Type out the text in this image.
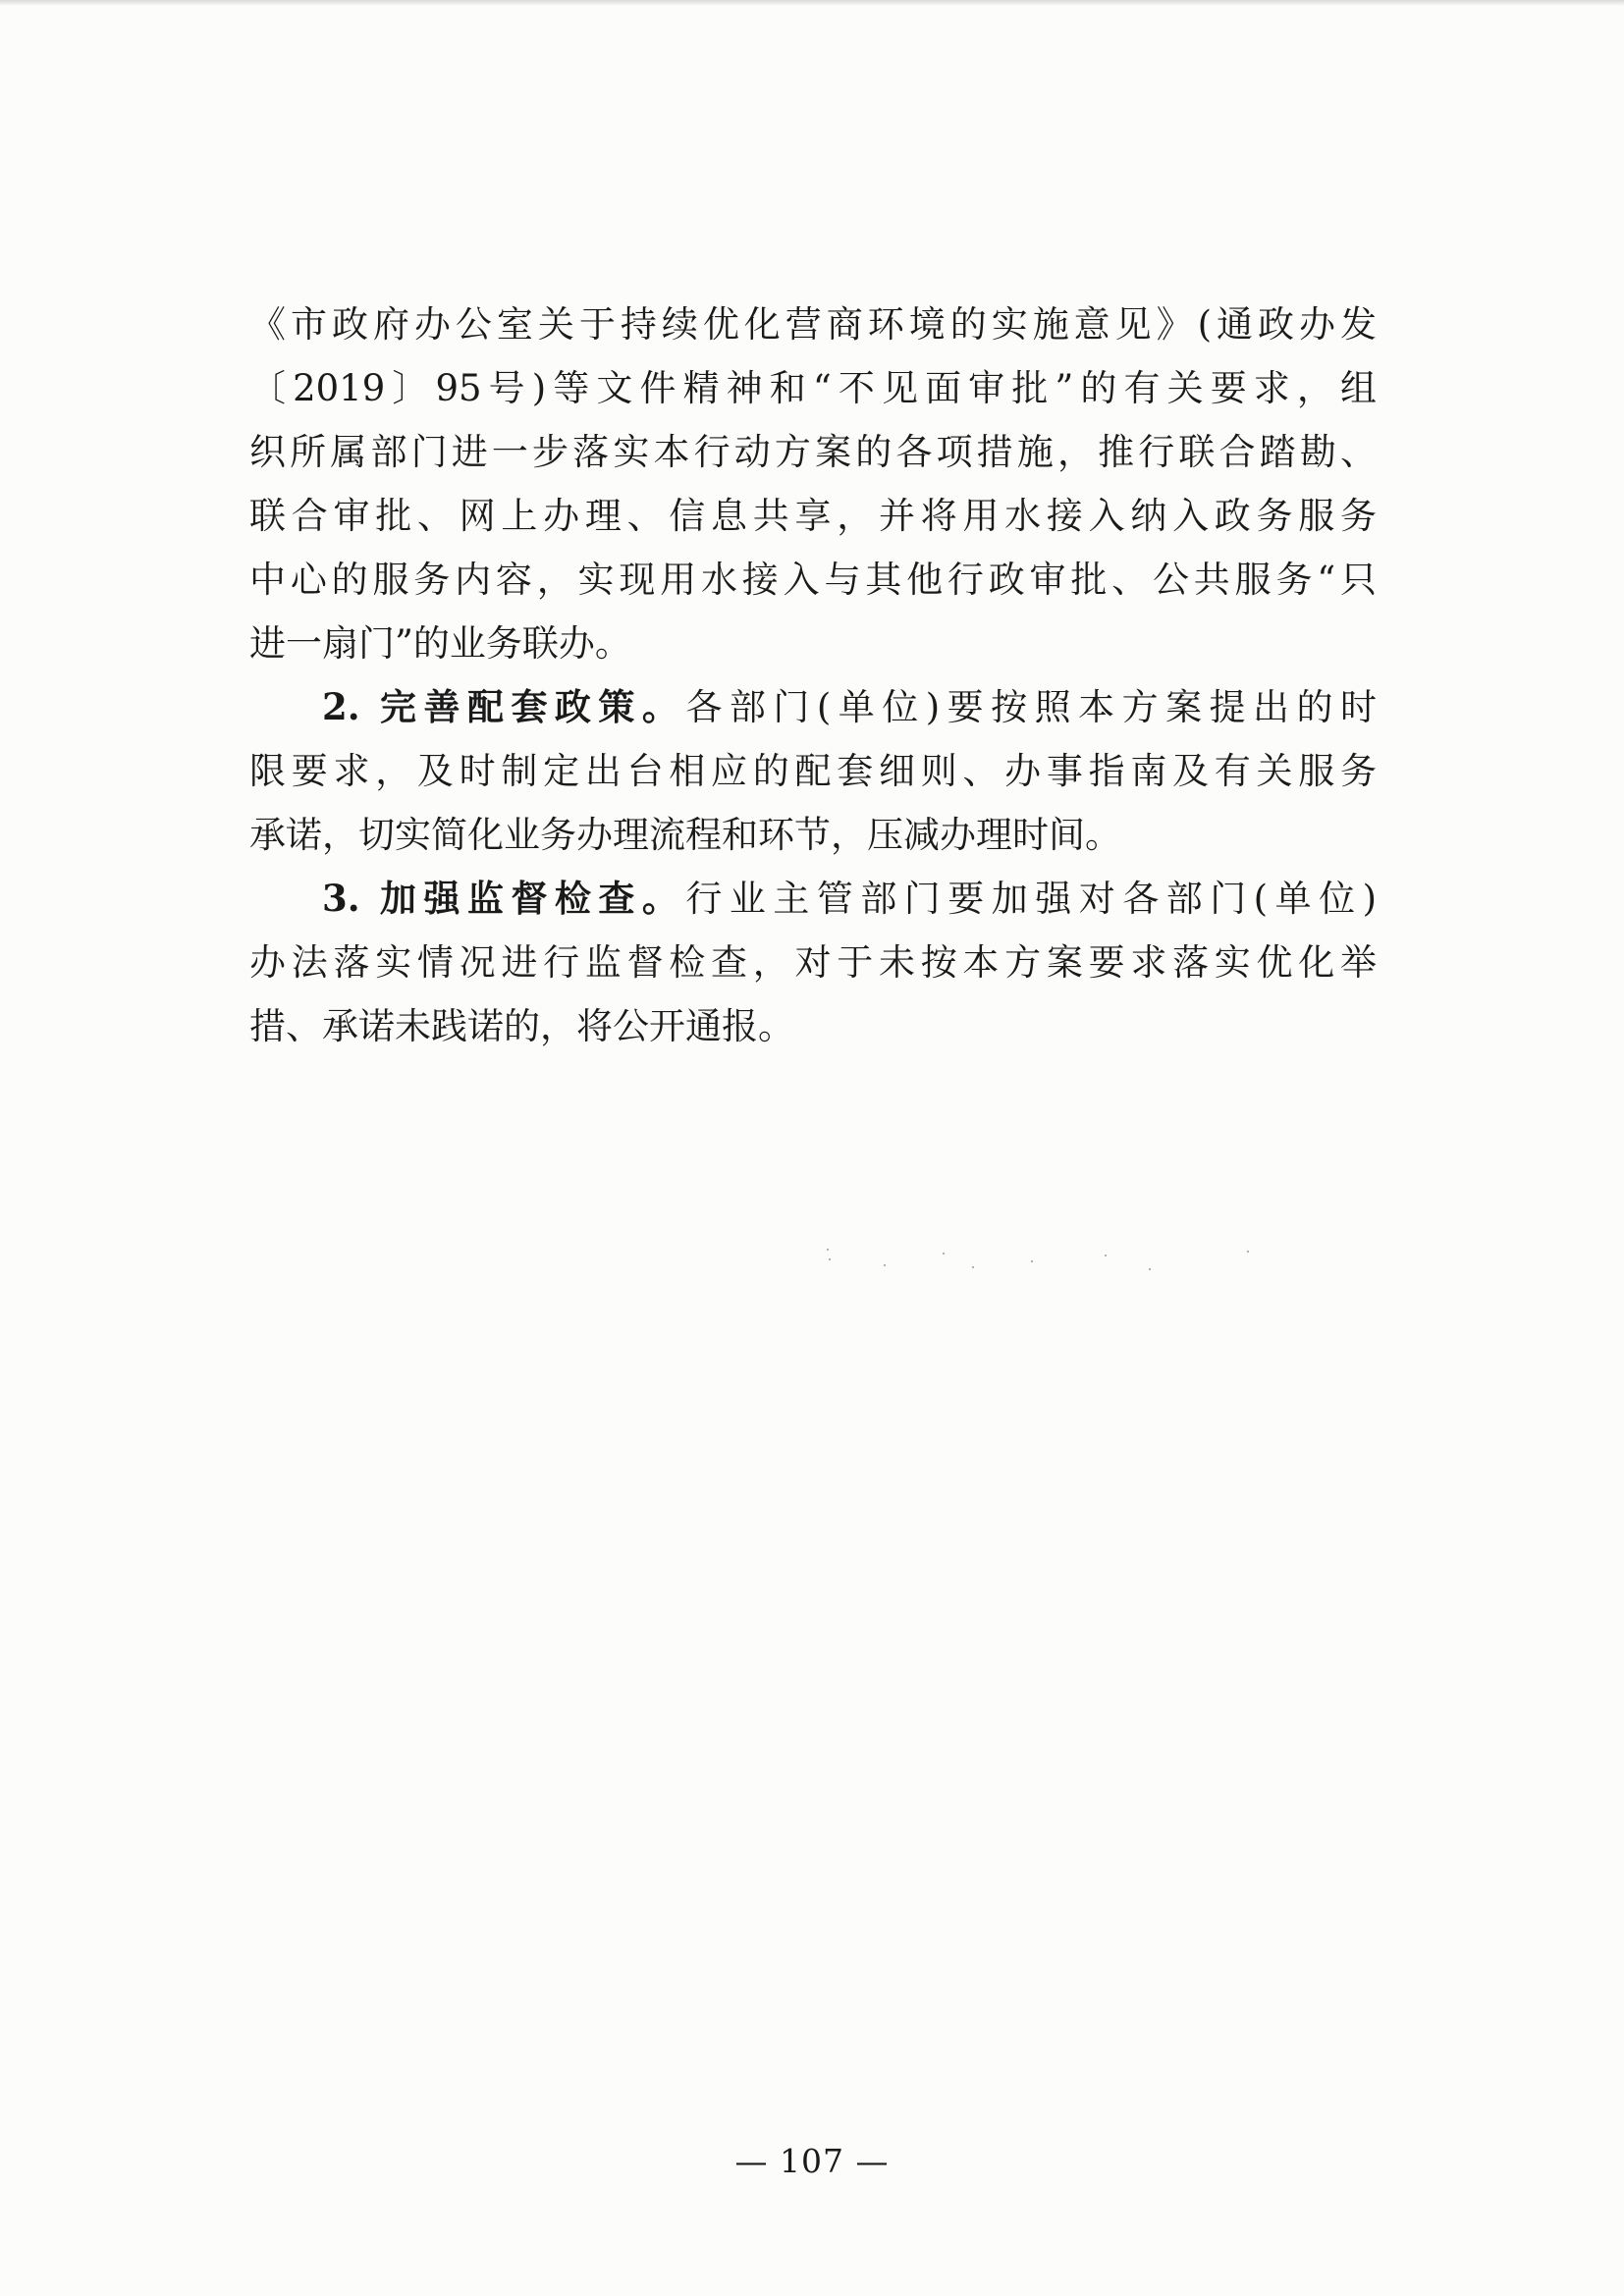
《市政府办公室关于持续优化营商环境的实施意见》(通政办发
〔2019〕95号)等文件精神和“不见面审批”的有关要求，组
织所属部门进一步落实本行动方案的各项措施，推行联合踏勘、
联合审批、网上办理、信息共享，并将用水接入纳入政务服务
中心的服务内容，实现用水接入与其他行政审批、公共服务“只
进一扇门”的业务联办。
2. 完善配套政策。各部门(单位)要按照本方案提出的时
限要求，及时制定出台相应的配套细则、办事指南及有关服务
承诺，切实简化业务办理流程和环节，压减办理时间。
3. 加强监督检查。行业主管部门要加强对各部门(单位)
办法落实情况进行监督检查，对于未按本方案要求落实优化举
措、承诺未践诺的，将公开通报。
— 107 —
